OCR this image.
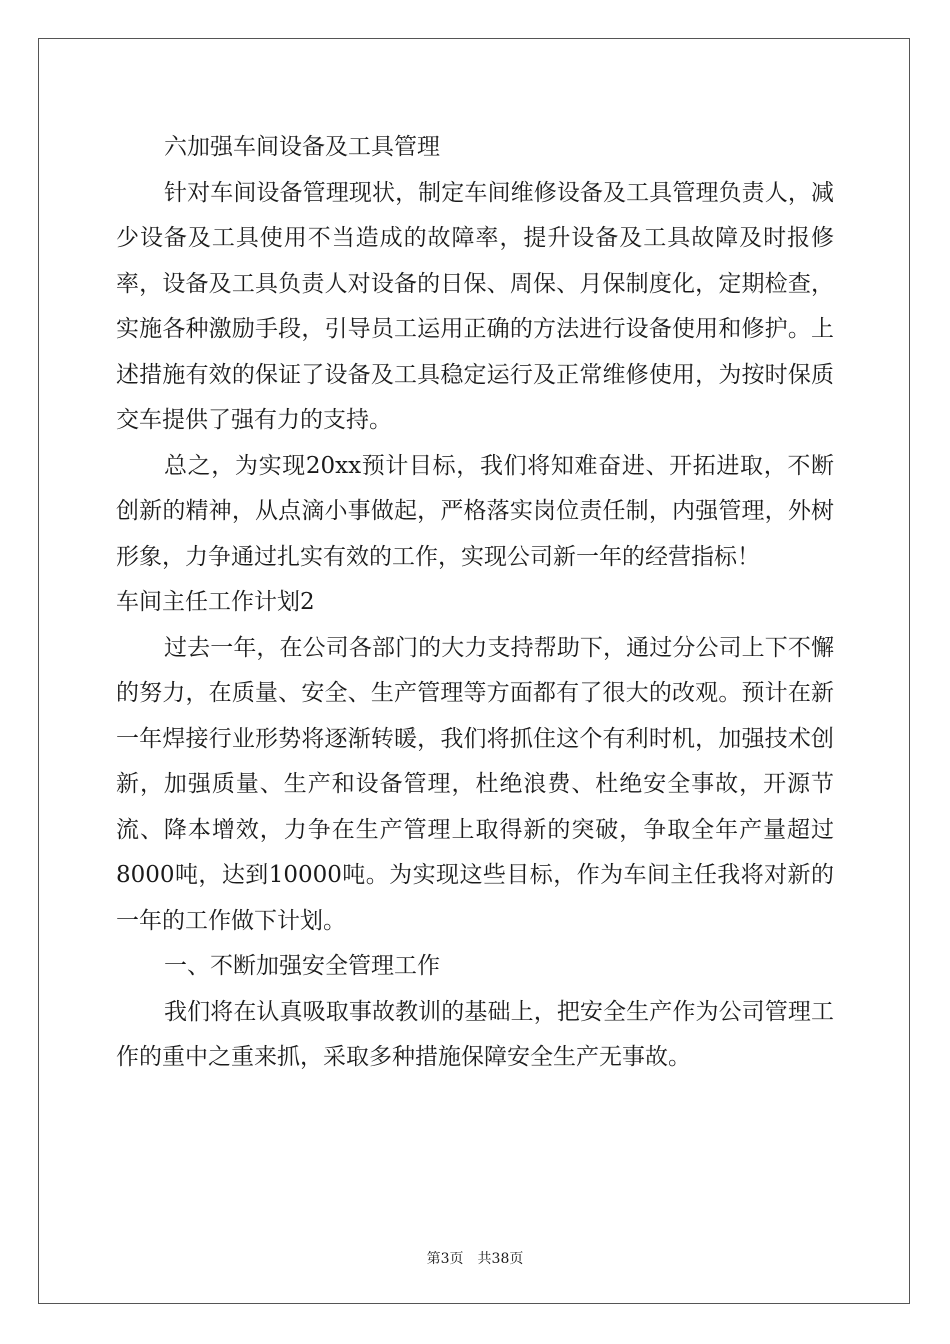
六加强车间设备及工具管理

针对车间设备管理现状，制定车间维修设备及工具管理负责人，减少设备及工具使用不当造成的故障率，提升设备及工具故障及时报修率，设备及工具负责人对设备的日保、周保、月保制度化，定期检查，实施各种激励手段，引导员工运用正确的方法进行设备使用和修护。上述措施有效的保证了设备及工具稳定运行及正常维修使用，为按时保质交车提供了强有力的支持。

总之，为实现20xx预计目标，我们将知难奋进、开拓进取，不断创新的精神，从点滴小事做起，严格落实岗位责任制，内强管理，外树形象，力争通过扎实有效的工作，实现公司新一年的经营指标！

车间主任工作计划2

过去一年，在公司各部门的大力支持帮助下，通过分公司上下不懈的努力，在质量、安全、生产管理等方面都有了很大的改观。预计在新一年焊接行业形势将逐渐转暖，我们将抓住这个有利时机，加强技术创新，加强质量、生产和设备管理，杜绝浪费、杜绝安全事故，开源节流、降本增效，力争在生产管理上取得新的突破，争取全年产量超过8000吨，达到10000吨。为实现这些目标，作为车间主任我将对新的一年的工作做下计划。

一、不断加强安全管理工作

我们将在认真吸取事故教训的基础上，把安全生产作为公司管理工作的重中之重来抓，采取多种措施保障安全生产无事故。

第3页 共38页
